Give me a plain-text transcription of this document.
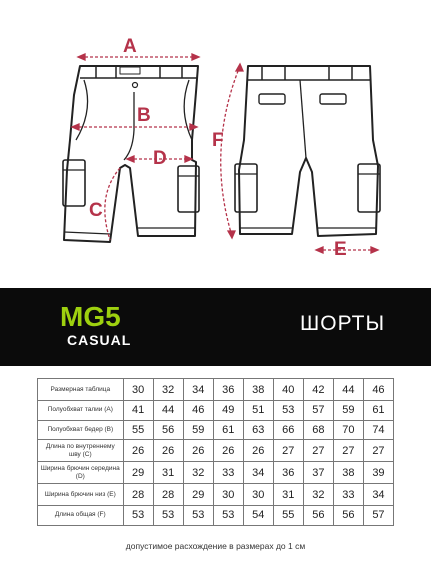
A
B
C
D
E
F
MG5
CASUAL
ШОРТЫ
Размерная таблица	30	32	34	36	38	40	42	44	46
Полуобхват талии (A)	41	44	46	49	51	53	57	59	61
Полуобхват бедер (B)	55	56	59	61	63	66	68	70	74
Длина по внутреннему шву (C)	26	26	26	26	26	27	27	27	27
Ширина брючин середина (D)	29	31	32	33	34	36	37	38	39
Ширина брючин низ (E)	28	28	29	30	30	31	32	33	34
Длина общая (F)	53	53	53	53	54	55	56	56	57
допустимое расхождение в размерах до 1 см
